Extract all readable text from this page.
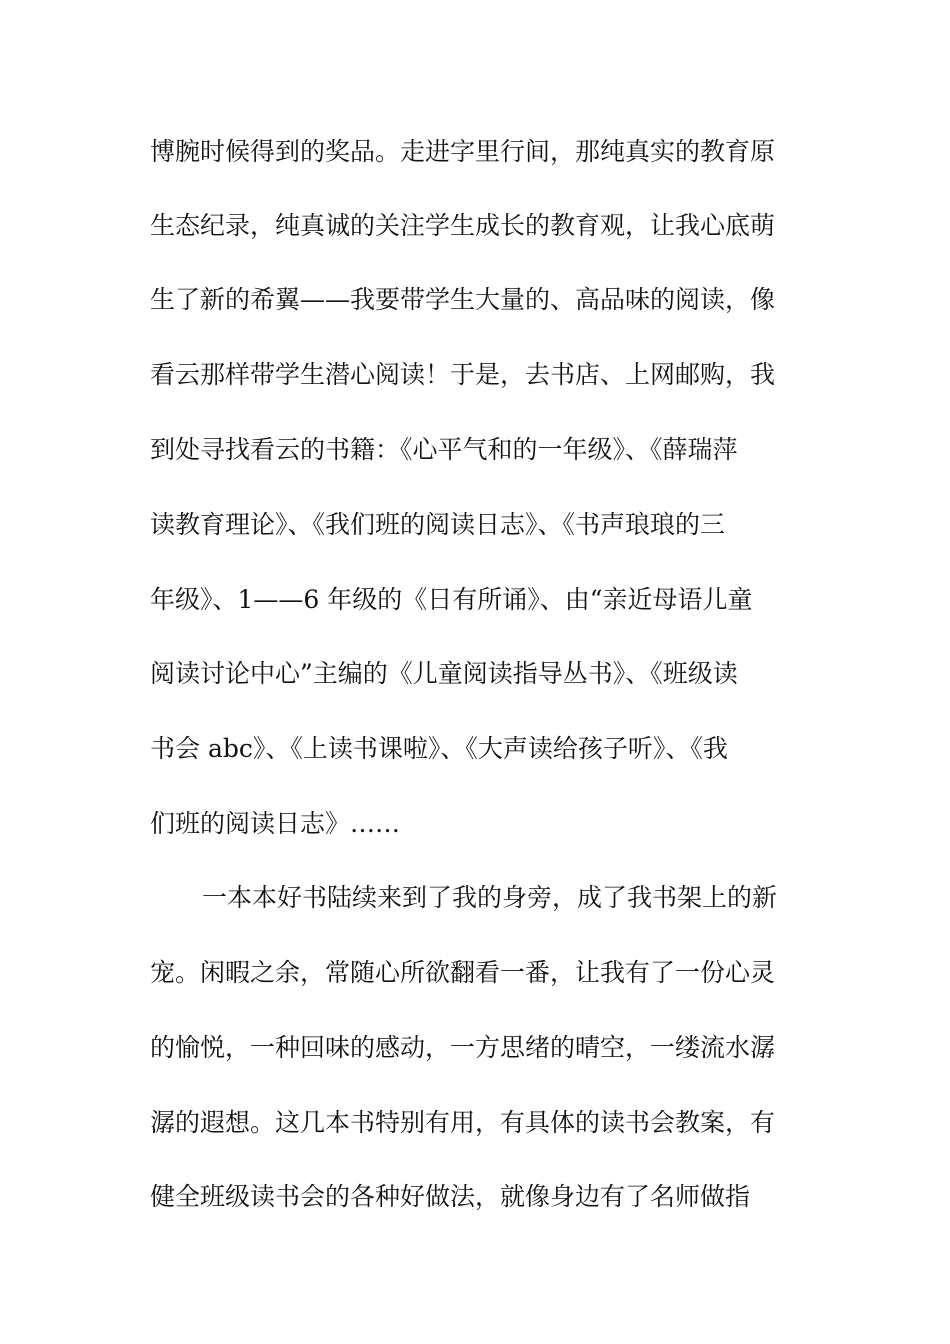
博腕时候得到的奖品。走进字里行间，那纯真实的教育原
生态纪录，纯真诚的关注学生成长的教育观，让我心底萌
生了新的希翼——我要带学生大量的、高品味的阅读，像
看云那样带学生潜心阅读！于是，去书店、上网邮购，我
到处寻找看云的书籍：《心平气和的一年级》、《薛瑞萍
读教育理论》、《我们班的阅读日志》、《书声琅琅的三
年级》、1——6 年级的《日有所诵》、由“亲近母语儿童
阅读讨论中心”主编的《儿童阅读指导丛书》、《班级读
书会 abc》、《上读书课啦》、《大声读给孩子听》、《我
们班的阅读日志》……
一本本好书陆续来到了我的身旁，成了我书架上的新
宠。闲暇之余，常随心所欲翻看一番，让我有了一份心灵
的愉悦，一种回味的感动，一方思绪的晴空，一缕流水潺
潺的遐想。这几本书特别有用，有具体的读书会教案，有
健全班级读书会的各种好做法，就像身边有了名师做指
